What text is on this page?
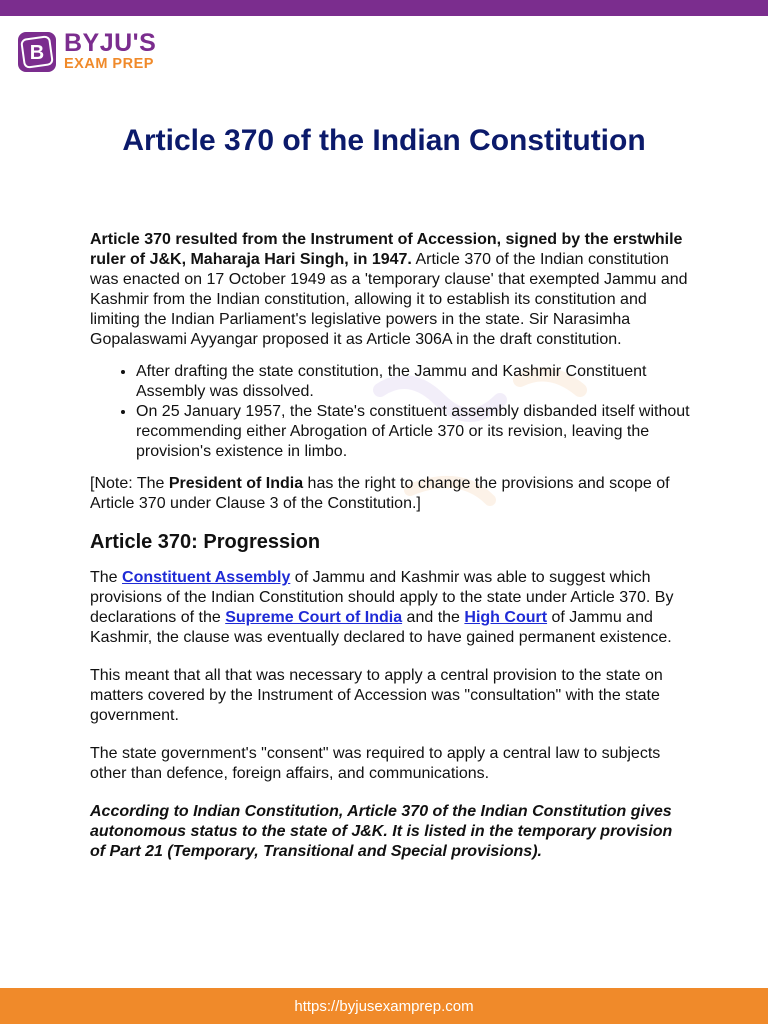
B BYJU'S
EXAM PREP
Article 370 of the Indian Constitution

Article 370 resulted from the Instrument of Accession, signed by the erstwhile ruler of J&K, Maharaja Hari Singh, in 1947. Article 370 of the Indian constitution was enacted on 17 October 1949 as a 'temporary clause' that exempted Jammu and Kashmir from the Indian constitution, allowing it to establish its constitution and limiting the Indian Parliament's legislative powers in the state. Sir Narasimha Gopalaswami Ayyangar proposed it as Article 306A in the draft constitution.

• After drafting the state constitution, the Jammu and Kashmir Constituent Assembly was dissolved.
• On 25 January 1957, the State's constituent assembly disbanded itself without recommending either Abrogation of Article 370 or its revision, leaving the provision's existence in limbo.

[Note: The President of India has the right to change the provisions and scope of Article 370 under Clause 3 of the Constitution.]

Article 370: Progression

The Constituent Assembly of Jammu and Kashmir was able to suggest which provisions of the Indian Constitution should apply to the state under Article 370. By declarations of the Supreme Court of India and the High Court of Jammu and Kashmir, the clause was eventually declared to have gained permanent existence.

This meant that all that was necessary to apply a central provision to the state on matters covered by the Instrument of Accession was "consultation" with the state government.

The state government's "consent" was required to apply a central law to subjects other than defence, foreign affairs, and communications.

According to Indian Constitution, Article 370 of the Indian Constitution gives autonomous status to the state of J&K. It is listed in the temporary provision of Part 21 (Temporary, Transitional and Special provisions).

https://byjusexamprep.com
